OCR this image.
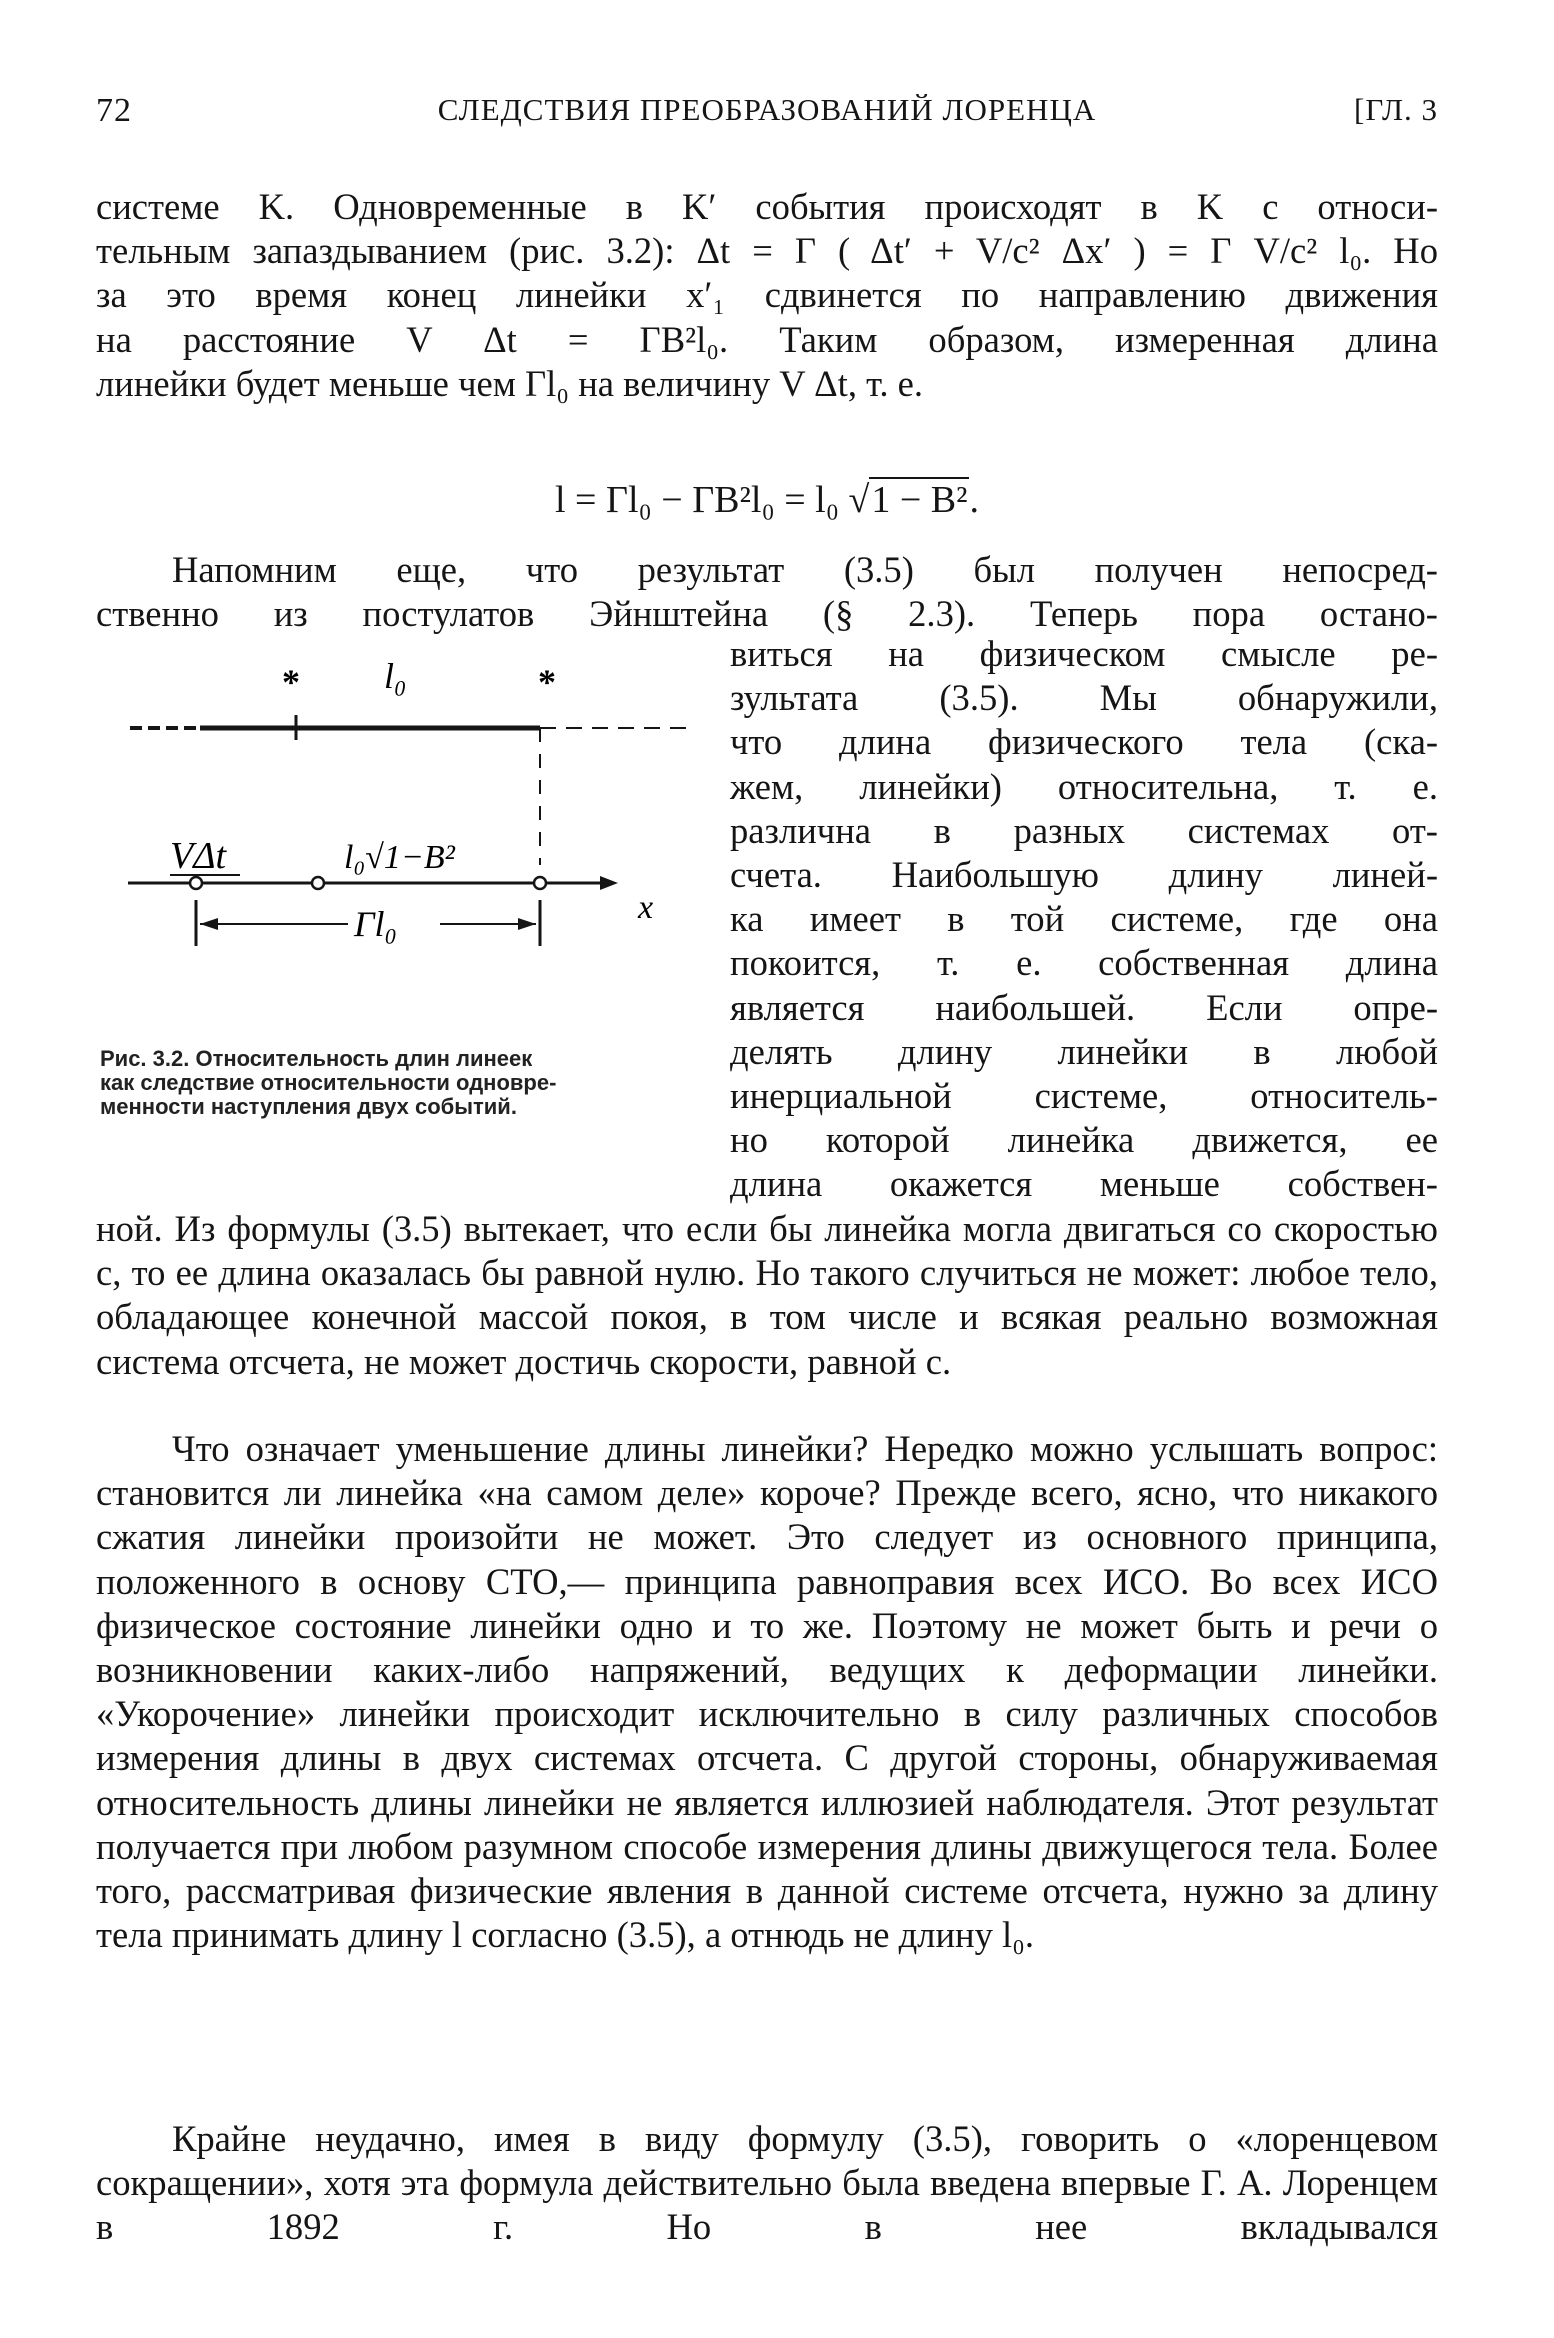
72	СЛЕДСТВИЯ ПРЕОБРАЗОВАНИЙ ЛОРЕНЦА	[ГЛ. 3

системе K. Одновременные в K′ события происходят в K с относи-

тельным запаздыванием (рис. 3.2): Δt = Γ ( Δt′ + V/c² Δx′ ) = Γ V/c² l₀. Но

за это время конец линейки x′₁ сдвинется по направлению движения

на расстояние V Δt = ΓB²l₀. Таким образом, измеренная длина

линейки будет меньше чем Γl₀ на величину V Δt, т. е.

l = Γl₀ − ΓB²l₀ = l₀ √1 − B².

Напомним еще, что результат (3.5) был получен непосред-

ственно из постулатов Эйнштейна (§ 2.3). Теперь пора остано-

виться на физическом смысле ре-

зультата (3.5). Мы обнаружили,

что длина физического тела (ска-

жем, линейки) относительна, т. е.

различна в разных системах от-

счета. Наибольшую длину линей-

ка имеет в той системе, где она

покоится, т. е. собственная длина

является наибольшей. Если опре-

делять длину линейки в любой

инерциальной системе, относитель-

но которой линейка движется, ее

длина окажется меньше собствен-

*	*
l₀
VΔt	l₀√1−B²
x
Γl₀
Рис. 3.2. Относительность длин линеек
как следствие относительности одновре-
менности наступления двух событий.

ной. Из формулы (3.5) вытекает, что если бы линейка могла двигаться со скоростью c, то ее длина оказалась бы равной нулю. Но такого случиться не может: любое тело, обладающее конечной массой покоя, в том числе и всякая реально возможная система отсчета, не может достичь скорости, равной c.

Что означает уменьшение длины линейки? Нередко можно услышать вопрос: становится ли линейка «на самом деле» короче? Прежде всего, ясно, что никакого сжатия линейки произойти не может. Это следует из основного принципа, положенного в основу СТО,— принципа равноправия всех ИСО. Во всех ИСО физическое состояние линейки одно и то же. Поэтому не может быть и речи о возникновении каких-либо напряжений, ведущих к деформации линейки. «Укорочение» линейки происходит исключительно в силу различных способов измерения длины в двух системах отсчета. С другой стороны, обнаруживаемая относительность длины линейки не является иллюзией наблюдателя. Этот результат получается при любом разумном способе измерения длины движущегося тела. Более того, рассматривая физические явления в данной системе отсчета, нужно за длину тела принимать длину l согласно (3.5), а отнюдь не длину l₀.

Крайне неудачно, имея в виду формулу (3.5), говорить о «лоренцевом сокращении», хотя эта формула действительно была введена впервые Г. А. Лоренцем в 1892 г. Но в нее вкладывался
